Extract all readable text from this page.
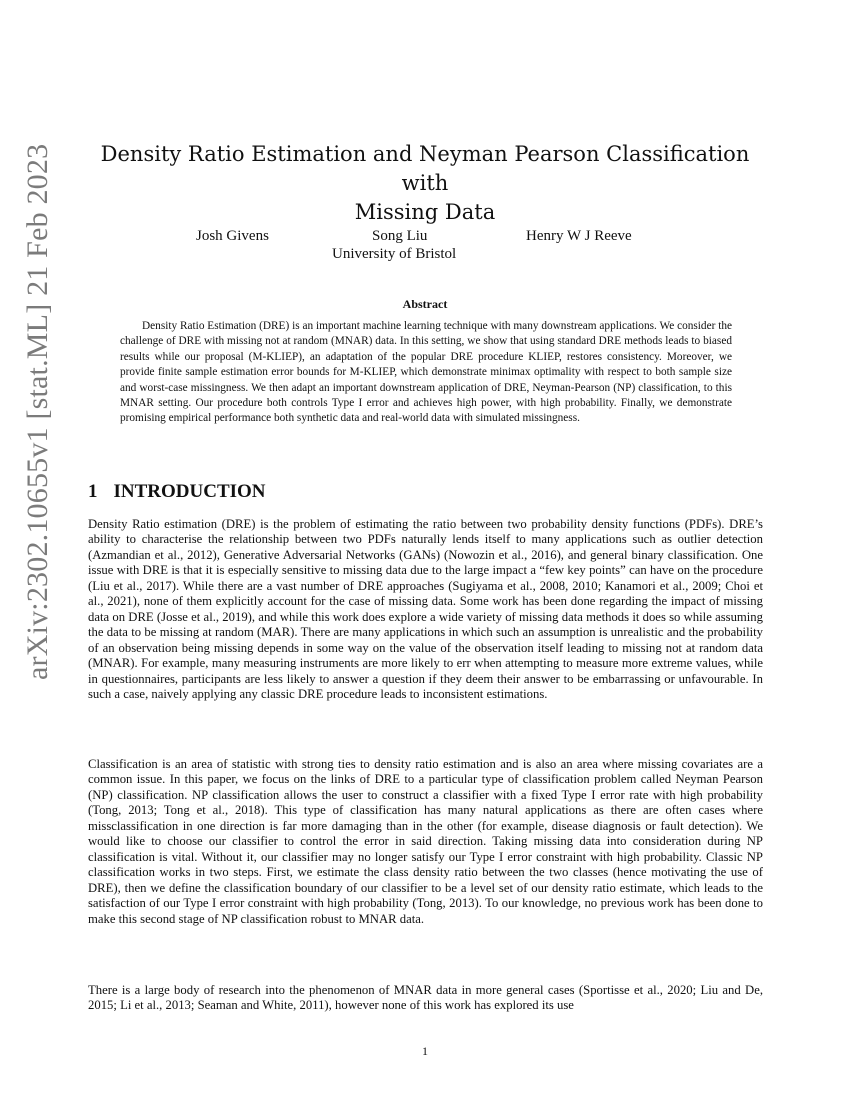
arXiv:2302.10655v1 [stat.ML] 21 Feb 2023	Density Ratio Estimation and Neyman Pearson Classification with
Missing Data
Josh Givens	Song Liu	Henry W J Reeve
University of Bristol
Abstract

Density Ratio Estimation (DRE) is an important machine learning technique with many downstream applications. We consider the challenge of DRE with missing not at random (MNAR) data. In this setting, we show that using standard DRE methods leads to biased results while our proposal (M-KLIEP), an adaptation of the popular DRE procedure KLIEP, restores consistency. Moreover, we provide finite sample estimation error bounds for M-KLIEP, which demonstrate minimax optimality with respect to both sample size and worst-case missingness. We then adapt an important downstream application of DRE, Neyman-Pearson (NP) classification, to this MNAR setting. Our procedure both controls Type I error and achieves high power, with high probability. Finally, we demonstrate promising empirical performance both synthetic data and real-world data with simulated missingness.

1 INTRODUCTION

Density Ratio estimation (DRE) is the problem of estimating the ratio between two probability density functions (PDFs). DRE’s ability to characterise the relationship between two PDFs naturally lends itself to many applications such as outlier detection (Azmandian et al., 2012), Generative Adversarial Networks (GANs) (Nowozin et al., 2016), and general binary classification. One issue with DRE is that it is especially sensitive to missing data due to the large impact a “few key points” can have on the procedure (Liu et al., 2017). While there are a vast number of DRE approaches (Sugiyama et al., 2008, 2010; Kanamori et al., 2009; Choi et al., 2021), none of them explicitly account for the case of missing data. Some work has been done regarding the impact of missing data on DRE (Josse et al., 2019), and while this work does explore a wide variety of missing data methods it does so while assuming the data to be missing at random (MAR). There are many applications in which such an assumption is unrealistic and the probability of an observation being missing depends in some way on the value of the observation itself leading to missing not at random data (MNAR). For example, many measuring instruments are more likely to err when attempting to measure more extreme values, while in questionnaires, participants are less likely to answer a question if they deem their answer to be embarrassing or unfavourable. In such a case, naively applying any classic DRE procedure leads to inconsistent estimations.

Classification is an area of statistic with strong ties to density ratio estimation and is also an area where missing covariates are a common issue. In this paper, we focus on the links of DRE to a particular type of classification problem called Neyman Pearson (NP) classification. NP classification allows the user to construct a classifier with a fixed Type I error rate with high probability (Tong, 2013; Tong et al., 2018). This type of classification has many natural applications as there are often cases where missclassification in one direction is far more damaging than in the other (for example, disease diagnosis or fault detection). We would like to choose our classifier to control the error in said direction. Taking missing data into consideration during NP classification is vital. Without it, our classifier may no longer satisfy our Type I error constraint with high probability. Classic NP classification works in two steps. First, we estimate the class density ratio between the two classes (hence motivating the use of DRE), then we define the classification boundary of our classifier to be a level set of our density ratio estimate, which leads to the satisfaction of our Type I error constraint with high probability (Tong, 2013). To our knowledge, no previous work has been done to make this second stage of NP classification robust to MNAR data.

There is a large body of research into the phenomenon of MNAR data in more general cases (Sportisse et al., 2020; Liu and De, 2015; Li et al., 2013; Seaman and White, 2011), however none of this work has explored its use

1
